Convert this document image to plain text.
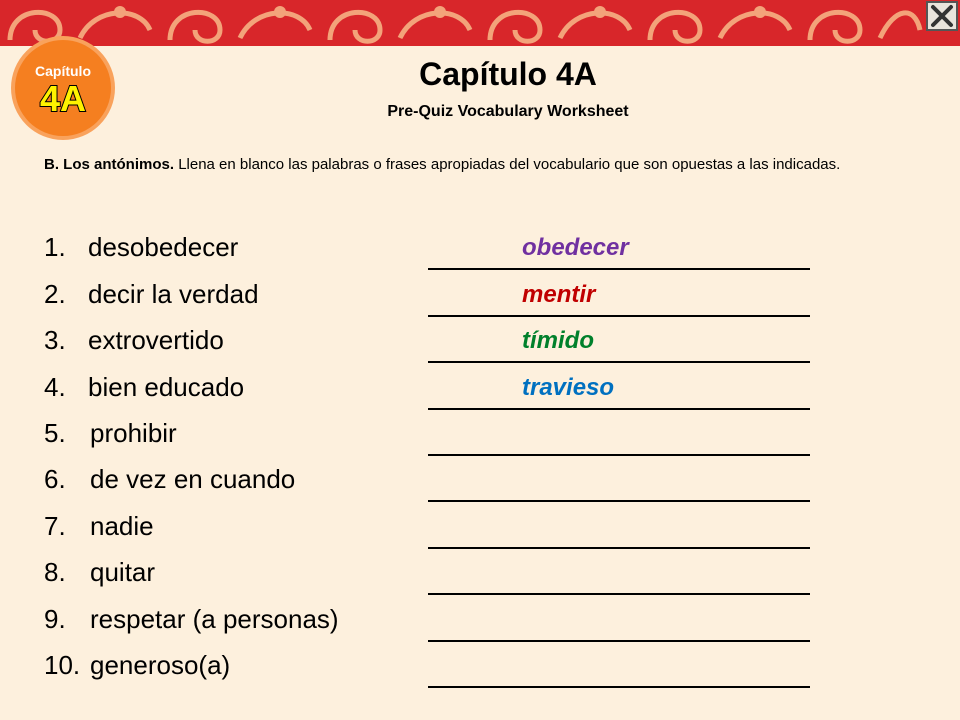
Capítulo
4A
Capítulo 4A
Pre-Quiz Vocabulary Worksheet
B. Los antónimos. Llena en blanco las palabras o frases apropiadas del vocabulario que son opuestas a las indicadas.
1. desobedecer	obedecer
2. decir la verdad	mentir
3. extrovertido	tímido
4. bien educado	travieso
5. prohibir
6. de vez en cuando
7. nadie
8. quitar
9. respetar (a personas)
10. generoso(a)
